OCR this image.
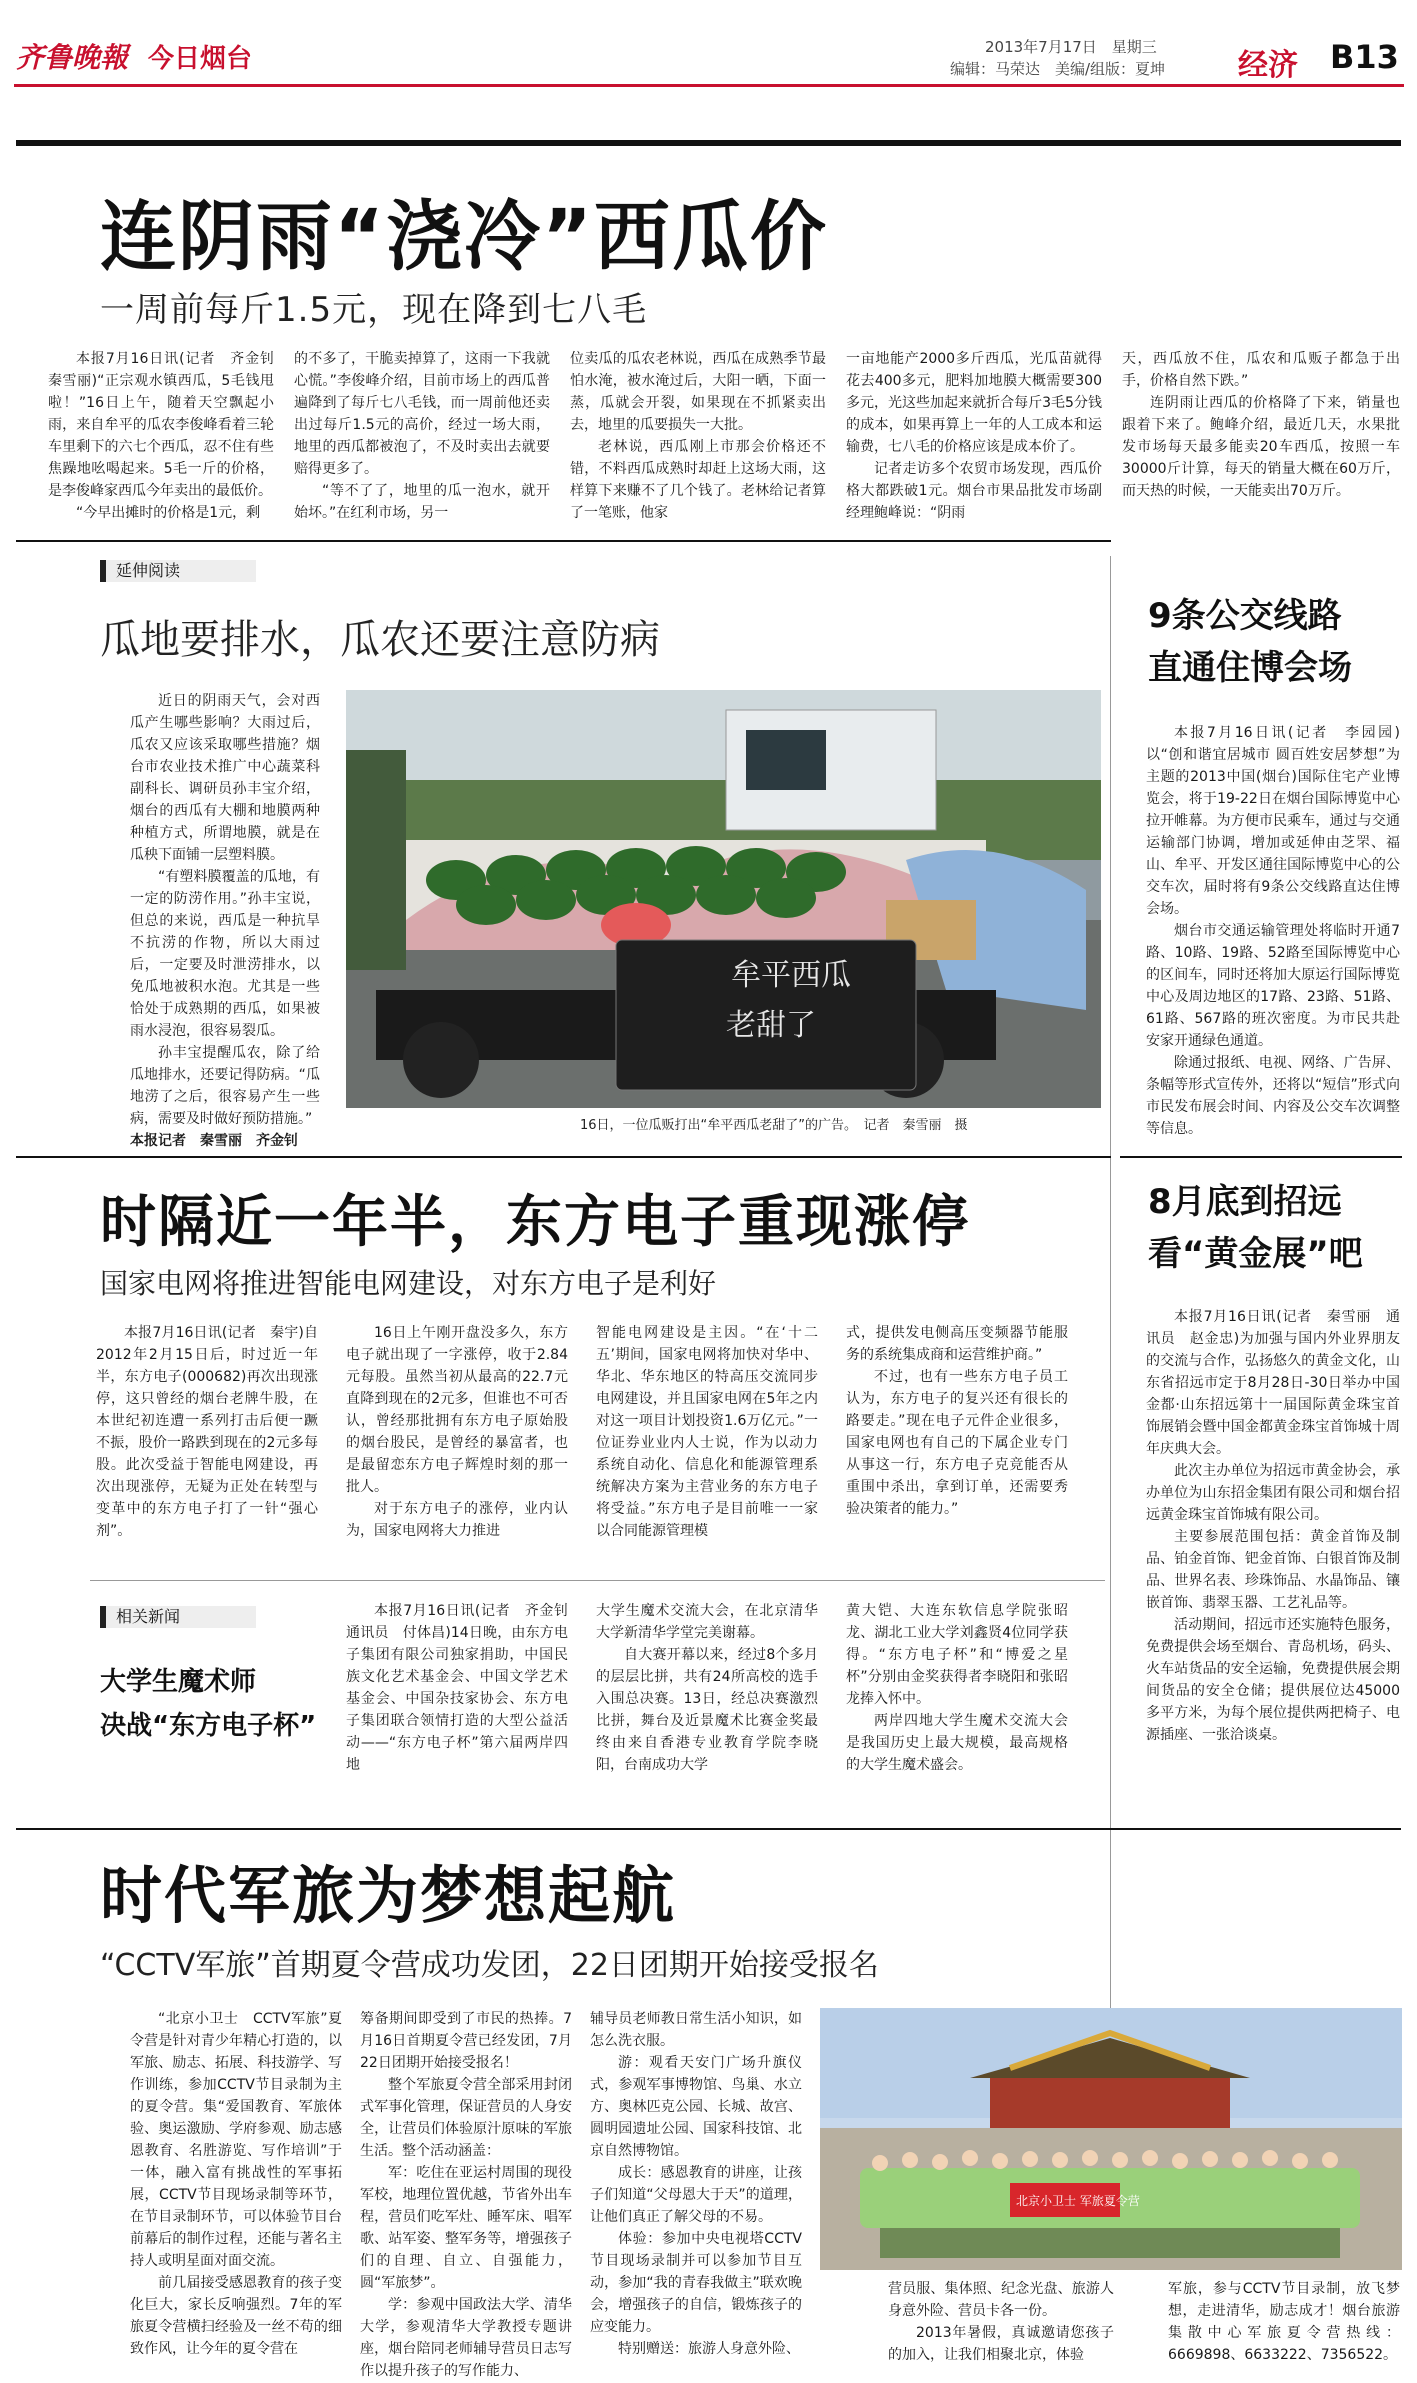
齐鲁晚報 今日烟台	2013年7月17日　星期三
编辑：马荣达　美编/组版：夏坤 经济 B13
连阴雨“浇冷”西瓜价
一周前每斤1.5元，现在降到七八毛

本报7月16日讯(记者　齐金钊　秦雪丽)“正宗观水镇西瓜，5毛钱甩啦！”16日上午，随着天空飘起小雨，来自牟平的瓜农李俊峰看着三轮车里剩下的六七个西瓜，忍不住有些焦躁地吆喝起来。5毛一斤的价格，是李俊峰家西瓜今年卖出的最低价。

“今早出摊时的价格是1元，剩

的不多了，干脆卖掉算了，这雨一下我就心慌。”李俊峰介绍，目前市场上的西瓜普遍降到了每斤七八毛钱，而一周前他还卖出过每斤1.5元的高价，经过一场大雨，地里的西瓜都被泡了，不及时卖出去就要赔得更多了。

“等不了了，地里的瓜一泡水，就开始坏。”在红利市场，另一

位卖瓜的瓜农老林说，西瓜在成熟季节最怕水淹，被水淹过后，大阳一晒，下面一蒸，瓜就会开裂，如果现在不抓紧卖出去，地里的瓜要损失一大批。

老林说，西瓜刚上市那会价格还不错，不料西瓜成熟时却赶上这场大雨，这样算下来赚不了几个钱了。老林给记者算了一笔账，他家

一亩地能产2000多斤西瓜，光瓜苗就得花去400多元，肥料加地膜大概需要300多元，光这些加起来就折合每斤3毛5分钱的成本，如果再算上一年的人工成本和运输费，七八毛的价格应该是成本价了。

记者走访多个农贸市场发现，西瓜价格大都跌破1元。烟台市果品批发市场副经理鲍峰说：“阴雨

天，西瓜放不住，瓜农和瓜贩子都急于出手，价格自然下跌。”

连阴雨让西瓜的价格降了下来，销量也跟着下来了。鲍峰介绍，最近几天，水果批发市场每天最多能卖20车西瓜，按照一车30000斤计算，每天的销量大概在60万斤，而天热的时候，一天能卖出70万斤。

延伸阅读
瓜地要排水，瓜农还要注意防病

近日的阴雨天气，会对西瓜产生哪些影响？大雨过后，瓜农又应该采取哪些措施？烟台市农业技术推广中心蔬菜科副科长、调研员孙丰宝介绍，烟台的西瓜有大棚和地膜两种种植方式，所谓地膜，就是在瓜秧下面铺一层塑料膜。

“有塑料膜覆盖的瓜地，有一定的防涝作用。”孙丰宝说，但总的来说，西瓜是一种抗旱不抗涝的作物，所以大雨过后，一定要及时泄涝排水，以免瓜地被积水泡。尤其是一些恰处于成熟期的西瓜，如果被雨水浸泡，很容易裂瓜。

孙丰宝提醒瓜农，除了给瓜地排水，还要记得防病。“瓜地涝了之后，很容易产生一些病，需要及时做好预防措施。”

本报记者　秦雪丽　齐金钊

牟平西瓜
老甜了
16日，一位瓜贩打出“牟平西瓜老甜了”的广告。　记者　秦雪丽　摄
9条公交线路
直通住博会场

本报7月16日讯(记者　李园园)以“创和谐宜居城市 圆百姓安居梦想”为主题的2013中国(烟台)国际住宅产业博览会，将于19-22日在烟台国际博览中心拉开帷幕。为方便市民乘车，通过与交通运输部门协调，增加或延伸由芝罘、福山、牟平、开发区通往国际博览中心的公交车次，届时将有9条公交线路直达住博会场。

烟台市交通运输管理处将临时开通7路、10路、19路、52路至国际博览中心的区间车，同时还将加大原运行国际博览中心及周边地区的17路、23路、51路、61路、567路的班次密度。为市民共赴安家开通绿色通道。

除通过报纸、电视、网络、广告屏、条幅等形式宣传外，还将以“短信”形式向市民发布展会时间、内容及公交车次调整等信息。

8月底到招远
看“黄金展”吧

本报7月16日讯(记者　秦雪丽　通讯员　赵金忠)为加强与国内外业界朋友的交流与合作，弘扬悠久的黄金文化，山东省招远市定于8月28日-30日举办中国金都·山东招远第十一届国际黄金珠宝首饰展销会暨中国金都黄金珠宝首饰城十周年庆典大会。

此次主办单位为招远市黄金协会，承办单位为山东招金集团有限公司和烟台招远黄金珠宝首饰城有限公司。

主要参展范围包括：黄金首饰及制品、铂金首饰、钯金首饰、白银首饰及制品、世界名表、珍珠饰品、水晶饰品、镶嵌首饰、翡翠玉器、工艺礼品等。

活动期间，招远市还实施特色服务，免费提供会场至烟台、青岛机场，码头、火车站货品的安全运输，免费提供展会期间货品的安全仓储；提供展位达45000多平方米，为每个展位提供两把椅子、电源插座、一张洽谈桌。

时隔近一年半，东方电子重现涨停
国家电网将推进智能电网建设，对东方电子是利好

本报7月16日讯(记者　秦宇)自2012年2月15日后，时过近一年半，东方电子(000682)再次出现涨停，这只曾经的烟台老牌牛股，在本世纪初连遭一系列打击后便一蹶不振，股价一路跌到现在的2元多每股。此次受益于智能电网建设，再次出现涨停，无疑为正处在转型与变革中的东方电子打了一针“强心剂”。

16日上午刚开盘没多久，东方电子就出现了一字涨停，收于2.84元每股。虽然当初从最高的22.7元直降到现在的2元多，但谁也不可否认，曾经那批拥有东方电子原始股的烟台股民，是曾经的暴富者，也是最留恋东方电子辉煌时刻的那一批人。

对于东方电子的涨停，业内认为，国家电网将大力推进

智能电网建设是主因。“在‘十二五’期间，国家电网将加快对华中、华北、华东地区的特高压交流同步电网建设，并且国家电网在5年之内对这一项目计划投资1.6万亿元。”一位证券业业内人士说，作为以动力系统自动化、信息化和能源管理系统解决方案为主营业务的东方电子将受益。”东方电子是目前唯一一家以合同能源管理模

式，提供发电侧高压变频器节能服务的系统集成商和运营维护商。”

不过，也有一些东方电子员工认为，东方电子的复兴还有很长的路要走。”现在电子元件企业很多，国家电网也有自己的下属企业专门从事这一行，东方电子克竞能否从重围中杀出，拿到订单，还需要秀验决策者的能力。”

相关新闻
大学生魔术师
决战“东方电子杯”

本报7月16日讯(记者　齐金钊　通讯员　付体昌)14日晚，由东方电子集团有限公司独家捐助，中国民族文化艺术基金会、中国文学艺术基金会、中国杂技家协会、东方电子集团联合领情打造的大型公益活动——“东方电子杯”第六届两岸四地

大学生魔术交流大会，在北京清华大学新清华学堂完美谢幕。

自大赛开幕以来，经过8个多月的层层比拼，共有24所高校的选手入围总决赛。13日，经总决赛激烈比拼，舞台及近景魔术比赛金奖最终由来自香港专业教育学院李晓阳，台南成功大学

黄大铠、大连东软信息学院张昭龙、湖北工业大学刘鑫贤4位同学获得。“东方电子杯”和“博爱之星杯”分别由金奖获得者李晓阳和张昭龙捧入怀中。

两岸四地大学生魔术交流大会是我国历史上最大规模，最高规格的大学生魔术盛会。

时代军旅为梦想起航
“CCTV军旅”首期夏令营成功发团，22日团期开始接受报名

“北京小卫士　CCTV军旅”夏令营是针对青少年精心打造的，以军旅、励志、拓展、科技游学、写作训练，参加CCTV节目录制为主的夏令营。集“爱国教育、军旅体验、奥运激励、学府参观、励志感恩教育、名胜游览、写作培训”于一体，融入富有挑战性的军事拓展，CCTV节目现场录制等环节，在节目录制环节，可以体验节目台前幕后的制作过程，还能与著名主持人或明星面对面交流。

前几届接受感恩教育的孩子变化巨大，家长反响强烈。7年的军旅夏令营横扫经验及一丝不苟的细致作风，让今年的夏令营在

筹备期间即受到了市民的热捧。7月16日首期夏令营已经发团，7月22日团期开始接受报名！

整个军旅夏令营全部采用封闭式军事化管理，保证营员的人身安全，让营员们体验原汁原味的军旅生活。整个活动涵盖：

军：吃住在亚运村周围的现役军校，地理位置优越，节省外出车程，营员们吃军灶、睡军床、唱军歌、站军姿、整军务等，增强孩子们的自理、自立、自强能力，圆“军旅梦”。

学：参观中国政法大学、清华大学，参观清华大学教授专题讲座，烟台陪同老师辅导营员日志写作以提升孩子的写作能力、

辅导员老师教日常生活小知识，如怎么洗衣服。

游：观看天安门广场升旗仪式，参观军事博物馆、鸟巢、水立方、奥林匹克公园、长城、故宫、圆明园遗址公园、国家科技馆、北京自然博物馆。

成长：感恩教育的讲座，让孩子们知道“父母恩大于天”的道理，让他们真正了解父母的不易。

体验：参加中央电视塔CCTV节目现场录制并可以参加节目互动，参加“我的青春我做主”联欢晚会，增强孩子的自信，锻炼孩子的应变能力。

特别赠送：旅游人身意外险、

北京小卫士 军旅夏令营

营员服、集体照、纪念光盘、旅游人身意外险、营员卡各一份。

2013年暑假，真诚邀请您孩子的加入，让我们相聚北京，体验

军旅，参与CCTV节目录制，放飞梦想，走进清华，励志成才！烟台旅游集散中心军旅夏令营热线：6669898、6633222、7356522。
